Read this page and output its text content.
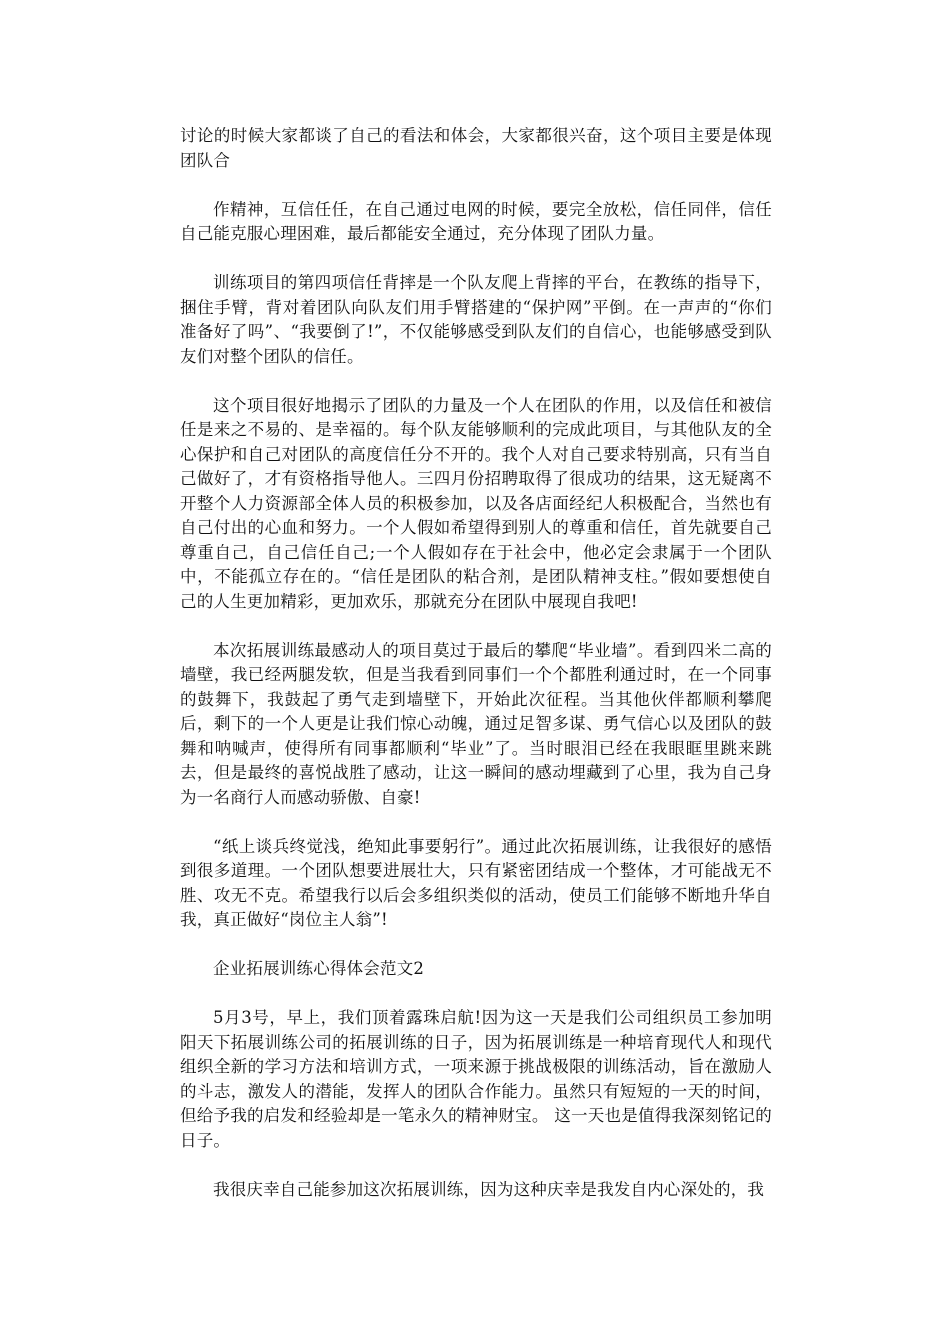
讨论的时候大家都谈了自己的看法和体会，大家都很兴奋，这个项目主要是体现团队合

作精神，互信任任，在自己通过电网的时候，要完全放松，信任同伴，信任自己能克服心理困难，最后都能安全通过，充分体现了团队力量。

训练项目的第四项信任背摔是一个队友爬上背摔的平台，在教练的指导下，捆住手臂，背对着团队向队友们用手臂搭建的“保护网”平倒。在一声声的“你们准备好了吗”、“我要倒了!”，不仅能够感受到队友们的自信心，也能够感受到队友们对整个团队的信任。

这个项目很好地揭示了团队的力量及一个人在团队的作用，以及信任和被信任是来之不易的、是幸福的。每个队友能够顺利的完成此项目，与其他队友的全心保护和自己对团队的高度信任分不开的。我个人对自己要求特别高，只有当自己做好了，才有资格指导他人。三四月份招聘取得了很成功的结果，这无疑离不开整个人力资源部全体人员的积极参加，以及各店面经纪人积极配合，当然也有自己付出的心血和努力。一个人假如希望得到别人的尊重和信任，首先就要自己尊重自己，自己信任自己;一个人假如存在于社会中，他必定会隶属于一个团队中，不能孤立存在的。“信任是团队的粘合剂，是团队精神支柱。”假如要想使自己的人生更加精彩，更加欢乐，那就充分在团队中展现自我吧!

本次拓展训练最感动人的项目莫过于最后的攀爬“毕业墙”。看到四米二高的墙壁，我已经两腿发软，但是当我看到同事们一个个都胜利通过时，在一个同事的鼓舞下，我鼓起了勇气走到墙壁下，开始此次征程。当其他伙伴都顺利攀爬后，剩下的一个人更是让我们惊心动魄，通过足智多谋、勇气信心以及团队的鼓舞和呐喊声，使得所有同事都顺利“毕业”了。当时眼泪已经在我眼眶里跳来跳去，但是最终的喜悦战胜了感动，让这一瞬间的感动埋藏到了心里，我为自己身为一名商行人而感动骄傲、自豪!

“纸上谈兵终觉浅，绝知此事要躬行”。通过此次拓展训练，让我很好的感悟到很多道理。一个团队想要进展壮大，只有紧密团结成一个整体，才可能战无不胜、攻无不克。希望我行以后会多组织类似的活动，使员工们能够不断地升华自我，真正做好“岗位主人翁”!

企业拓展训练心得体会范文2

5月3号，早上，我们顶着露珠启航!因为这一天是我们公司组织员工参加明阳天下拓展训练公司的拓展训练的日子，因为拓展训练是一种培育现代人和现代组织全新的学习方法和培训方式，一项来源于挑战极限的训练活动，旨在激励人的斗志，激发人的潜能，发挥人的团队合作能力。虽然只有短短的一天的时间，但给予我的启发和经验却是一笔永久的精神财宝。 这一天也是值得我深刻铭记的日子。

我很庆幸自己能参加这次拓展训练，因为这种庆幸是我发自内心深处的，我
